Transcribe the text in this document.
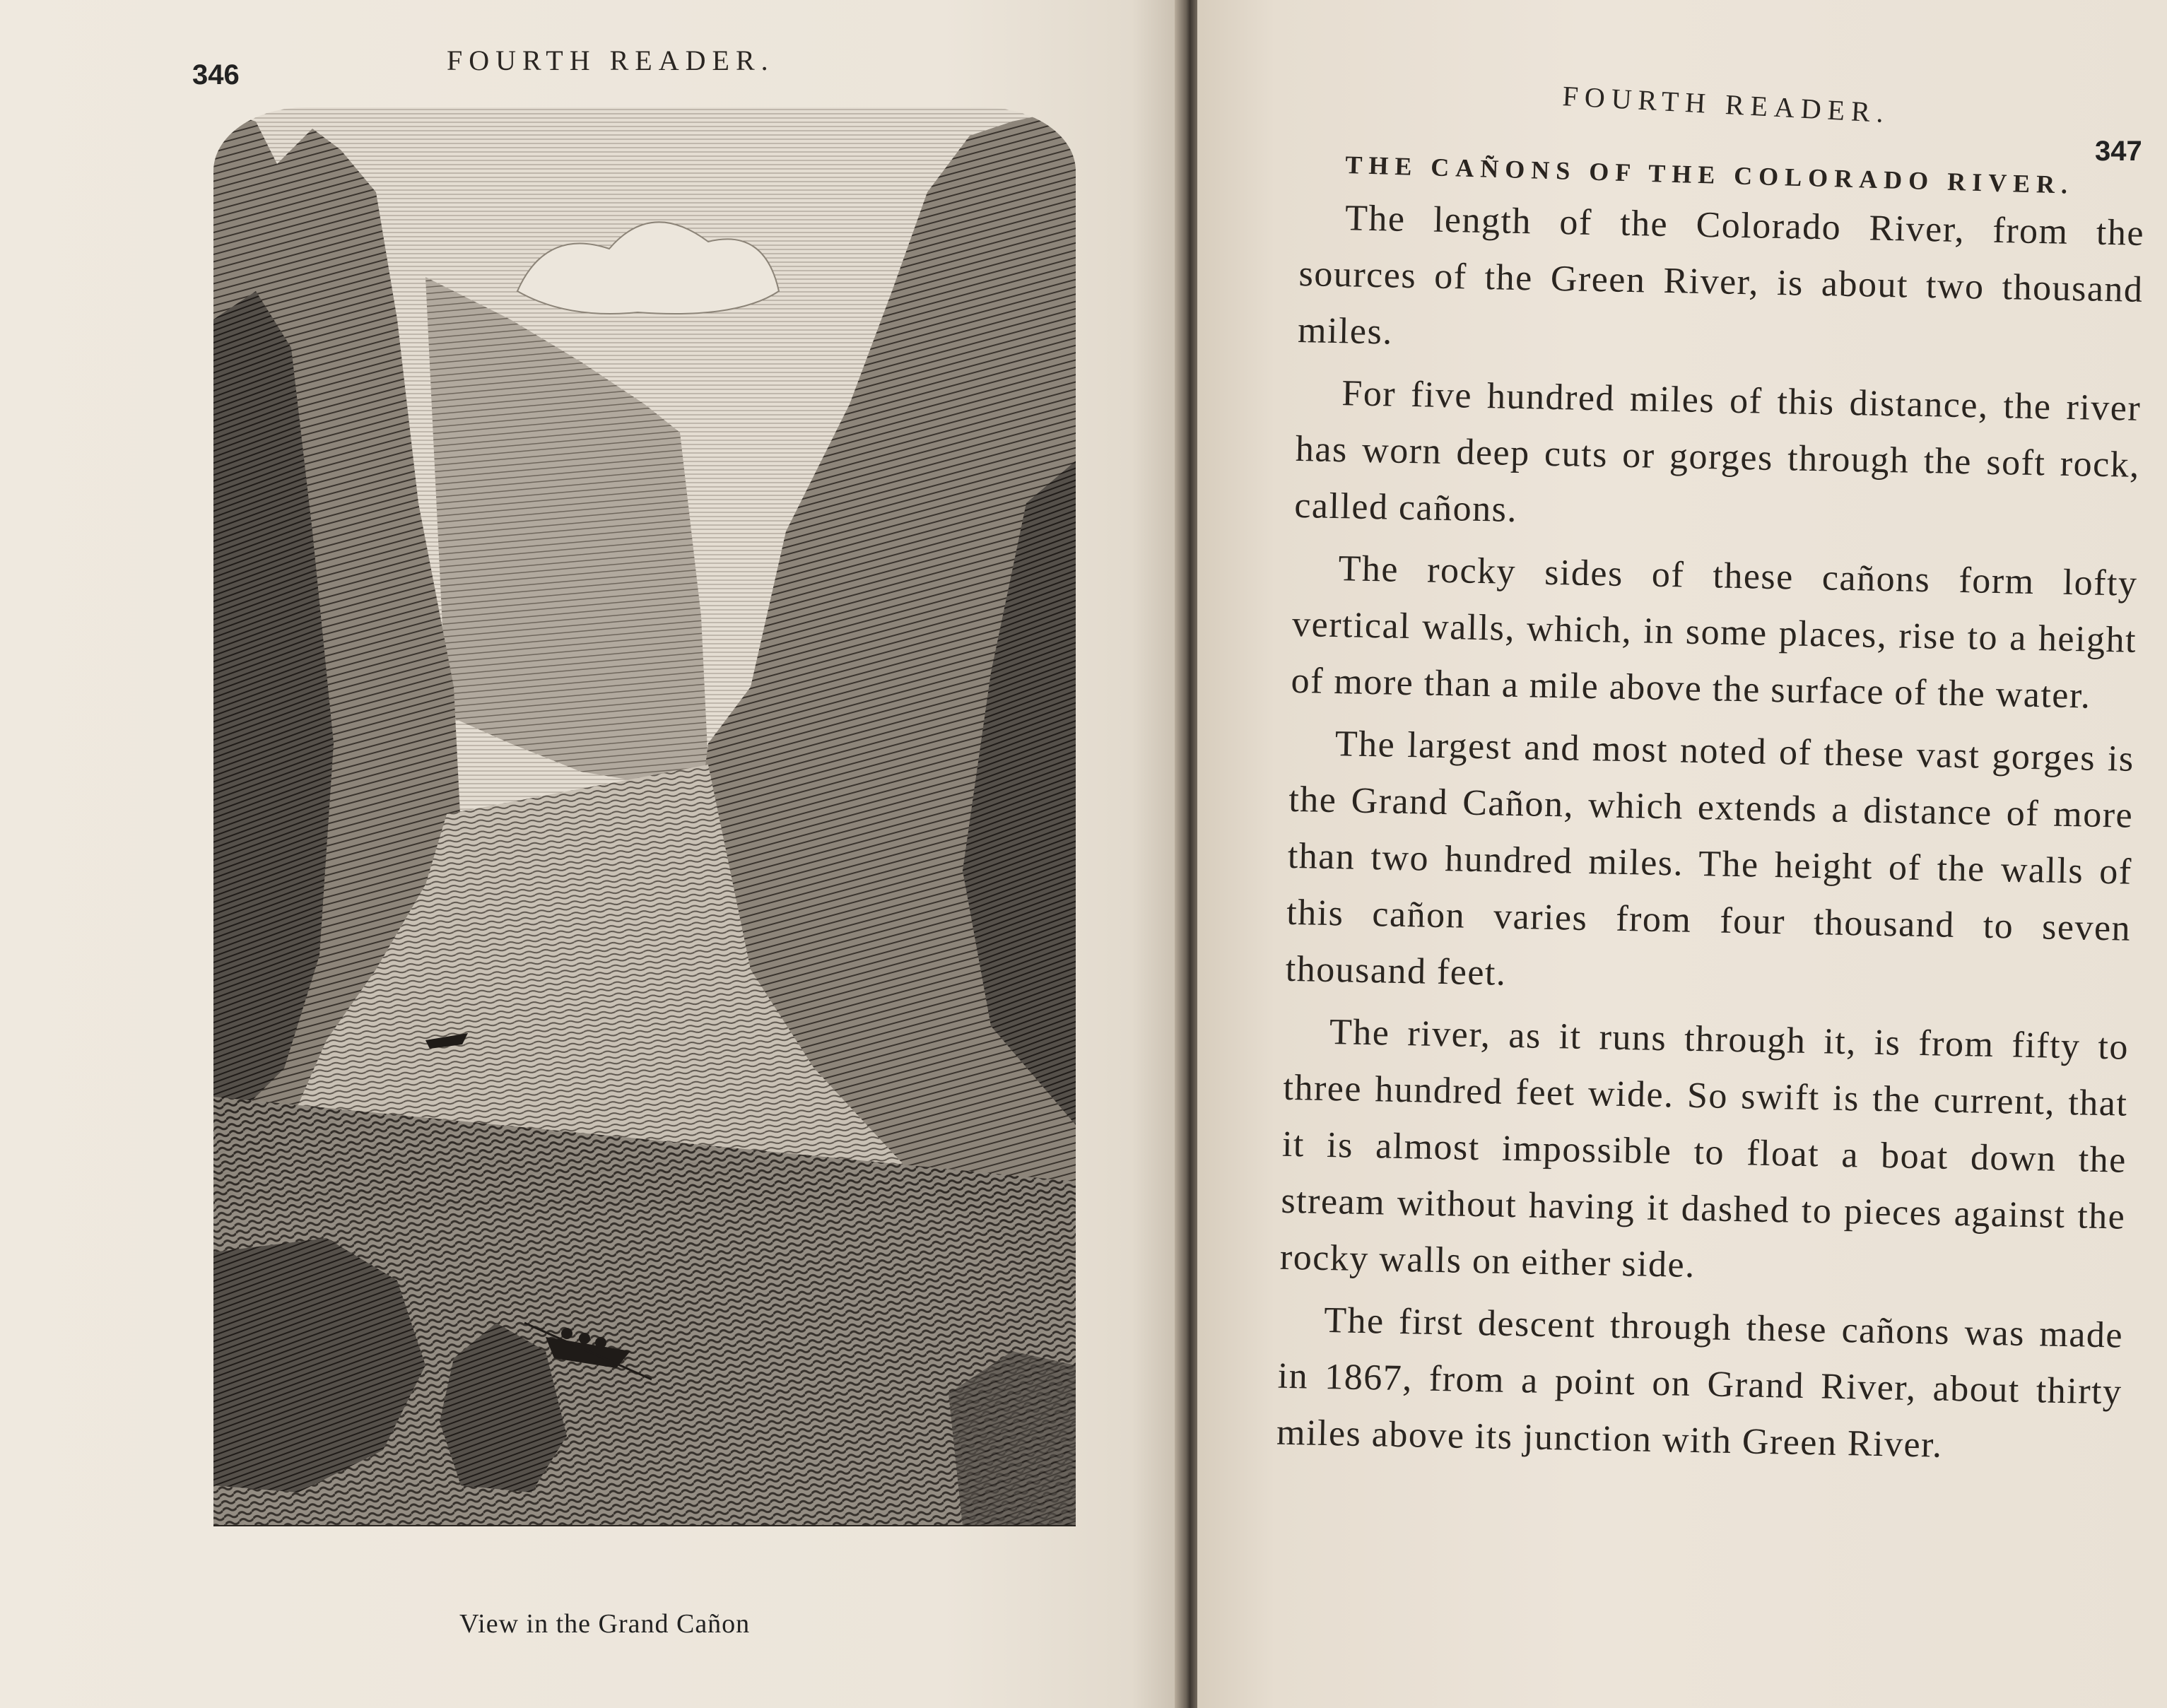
346	FOURTH READER.
View in the Grand Cañon
FOURTH READER.
347
THE CAÑONS OF THE COLORADO RIVER.

The length of the Colorado River, from the sources of the Green River, is about two thousand miles.

For five hundred miles of this distance, the river has worn deep cuts or gorges through the soft rock, called cañons.

The rocky sides of these cañons form lofty vertical walls, which, in some places, rise to a height of more than a mile above the surface of the water.

The largest and most noted of these vast gorges is the Grand Cañon, which extends a distance of more than two hundred miles. The height of the walls of this cañon varies from four thousand to seven thousand feet.

The river, as it runs through it, is from fifty to three hundred feet wide. So swift is the current, that it is almost impossible to float a boat down the stream without having it dashed to pieces against the rocky walls on either side.

The first descent through these cañons was made in 1867, from a point on Grand River, about thirty miles above its junction with Green River.
